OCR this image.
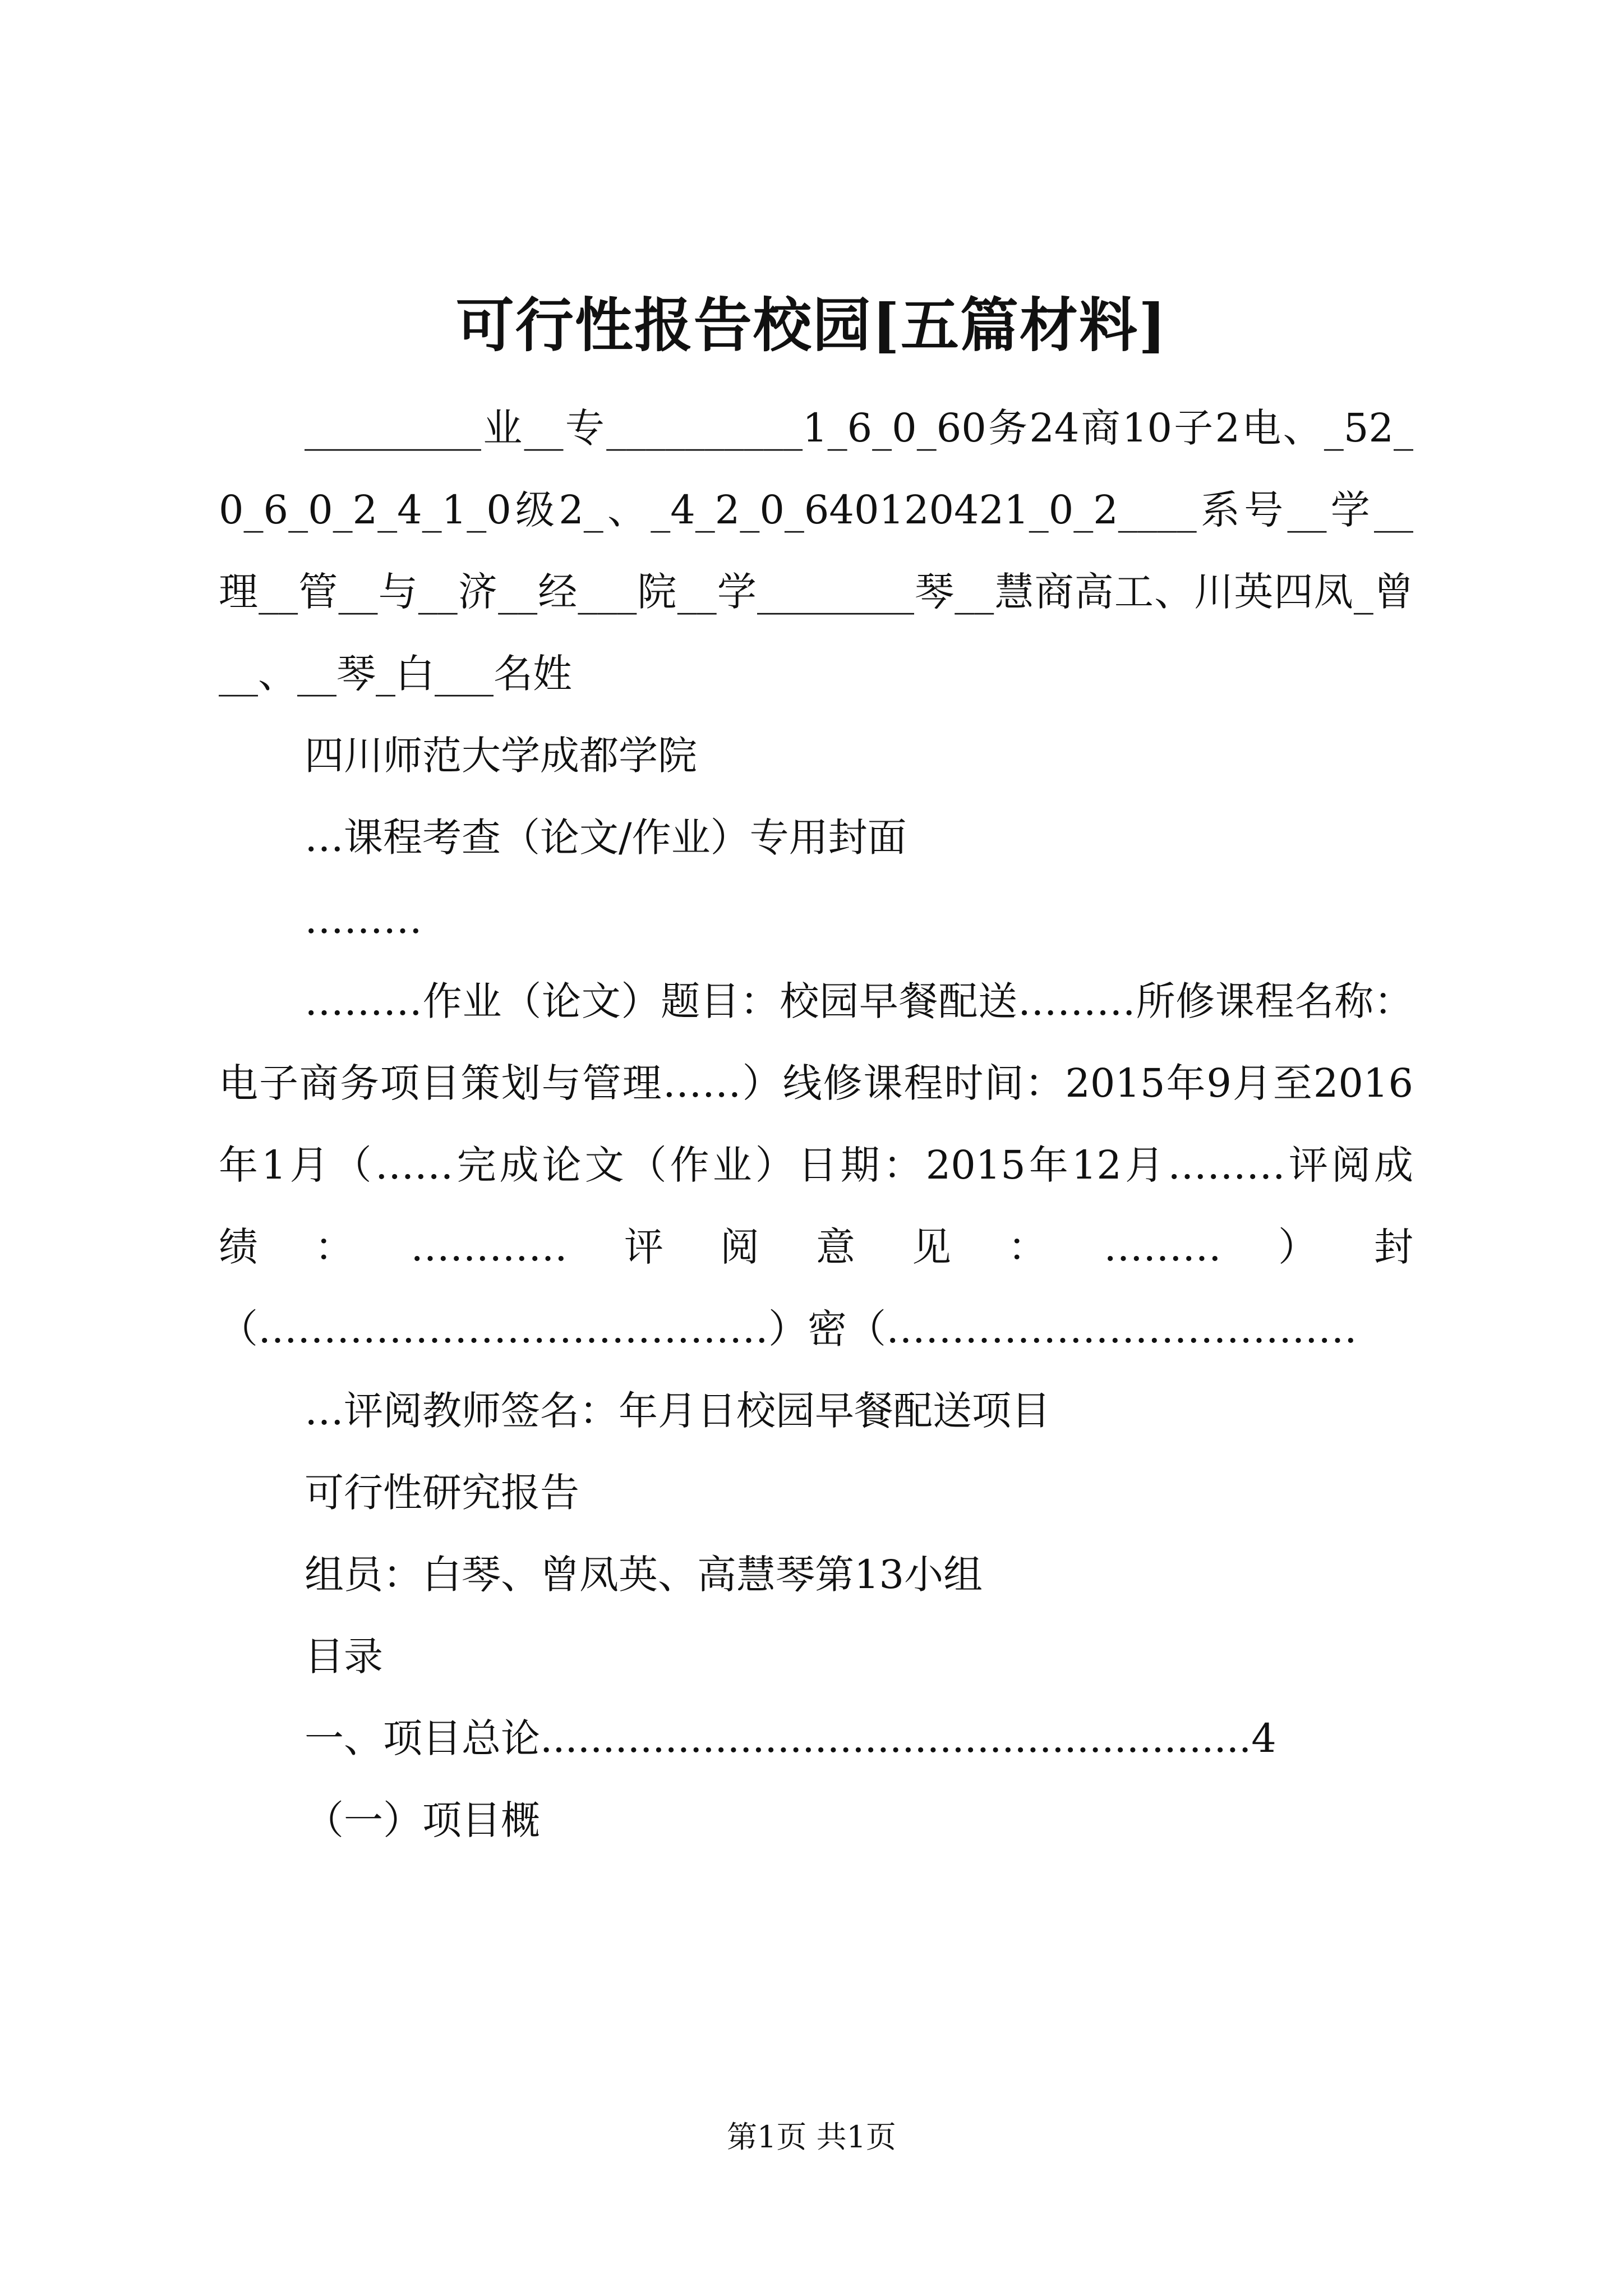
可行性报告校园[五篇材料]

_________业__专__________1_6_0_60务24商10子2电、_52_0_6_0_2_4_1_0级2_、_4_2_0_640120421_0_2____系号__学__理__管__与__济__经___院__学________琴__慧商高工、川英四凤_曾__、__琴_白___名姓

四川师范大学成都学院

…课程考查（论文/作业）专用封面

………

………作业（论文）题目：校园早餐配送………所修课程名称：电子商务项目策划与管理……）线修课程时间：2015年9月至2016年1月（……完成论文（作业）日期：2015年12月………评阅成绩：…………评阅意见：………）封（…………………………………）密（………………………………

…评阅教师签名：年月日校园早餐配送项目

可行性研究报告

组员：白琴、曾凤英、高慧琴第13小组

目录

一、项目总论.........................................................4

（一）项目概

第1页 共1页
